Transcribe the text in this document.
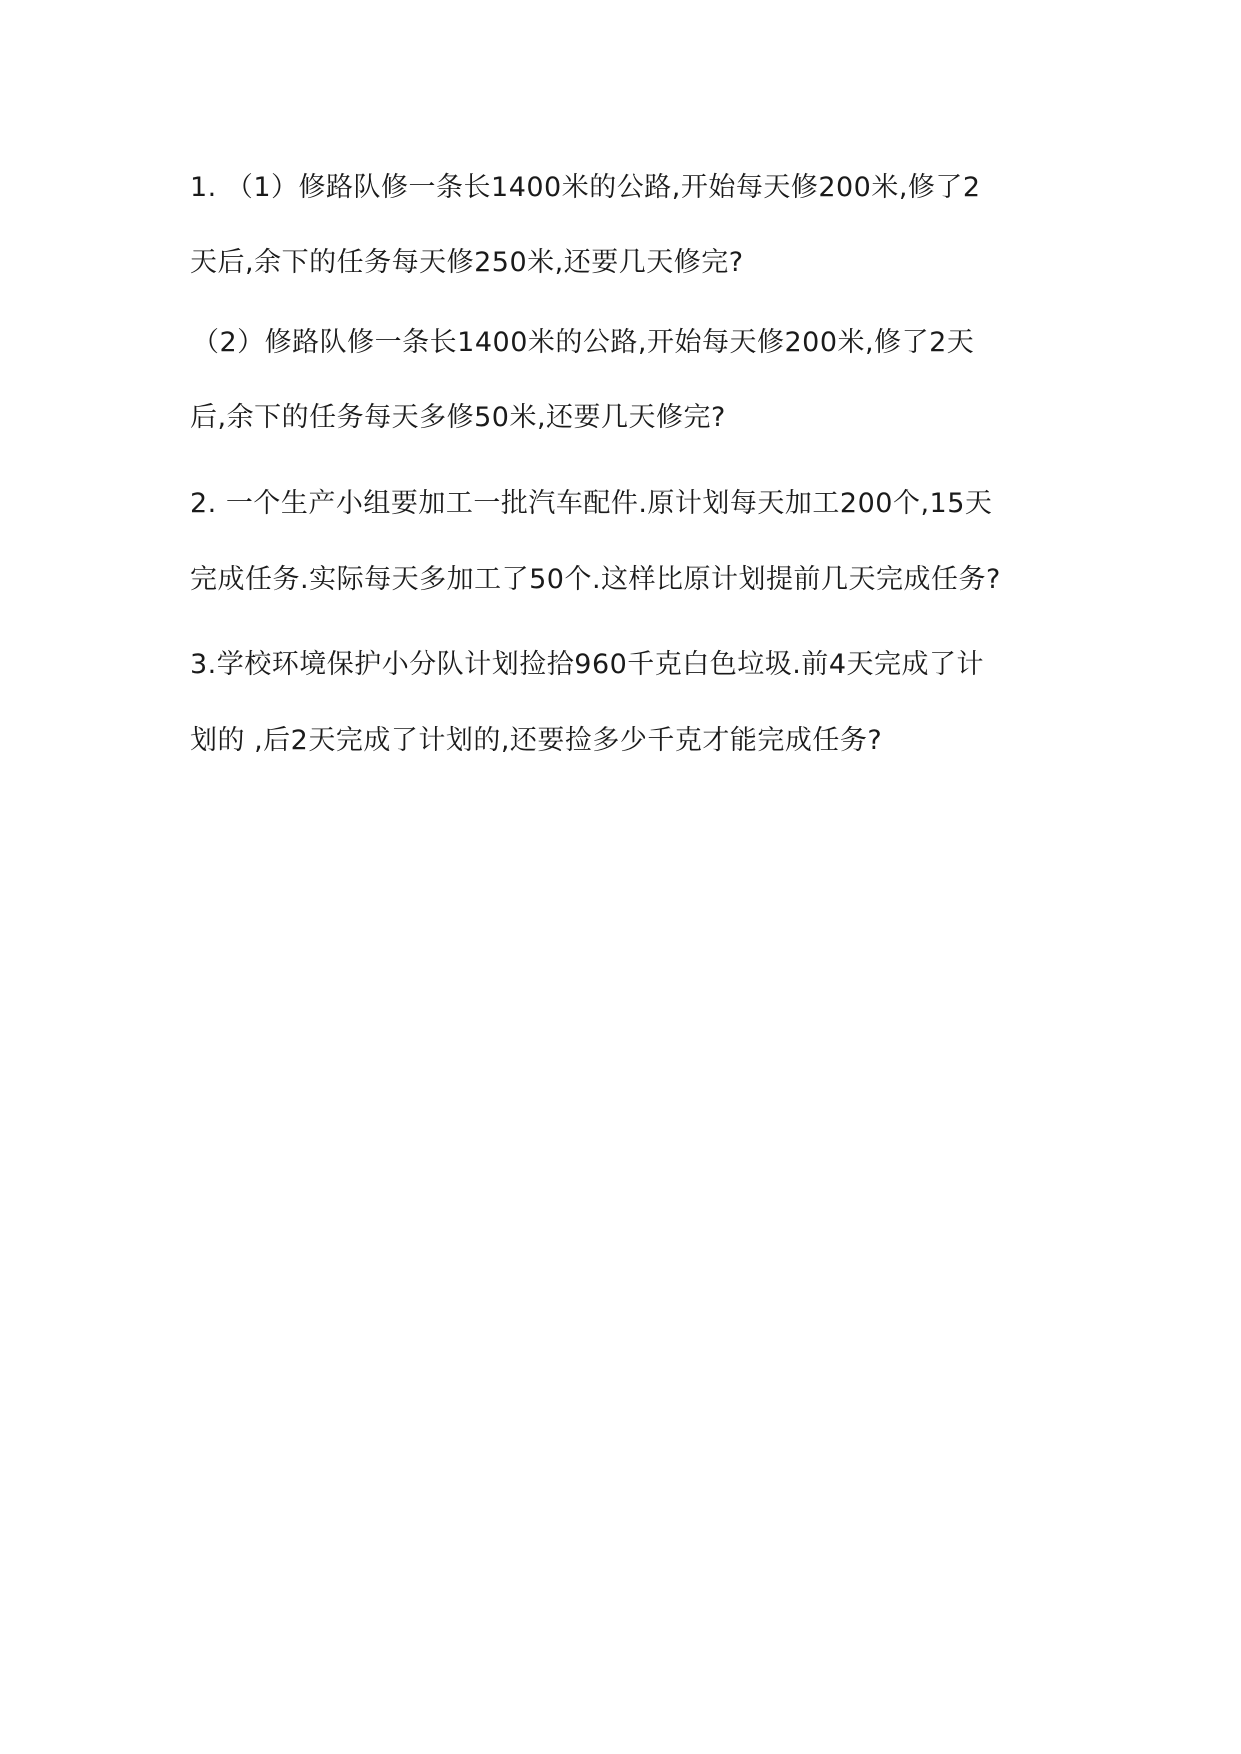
1. （1）修路队修一条长1400米的公路,开始每天修200米,修了2

天后,余下的任务每天修250米,还要几天修完?

（2）修路队修一条长1400米的公路,开始每天修200米,修了2天

后,余下的任务每天多修50米,还要几天修完?

2. 一个生产小组要加工一批汽车配件.原计划每天加工200个,15天

完成任务.实际每天多加工了50个.这样比原计划提前几天完成任务?

3.学校环境保护小分队计划捡拾960千克白色垃圾.前4天完成了计

划的 ,后2天完成了计划的,还要捡多少千克才能完成任务?
